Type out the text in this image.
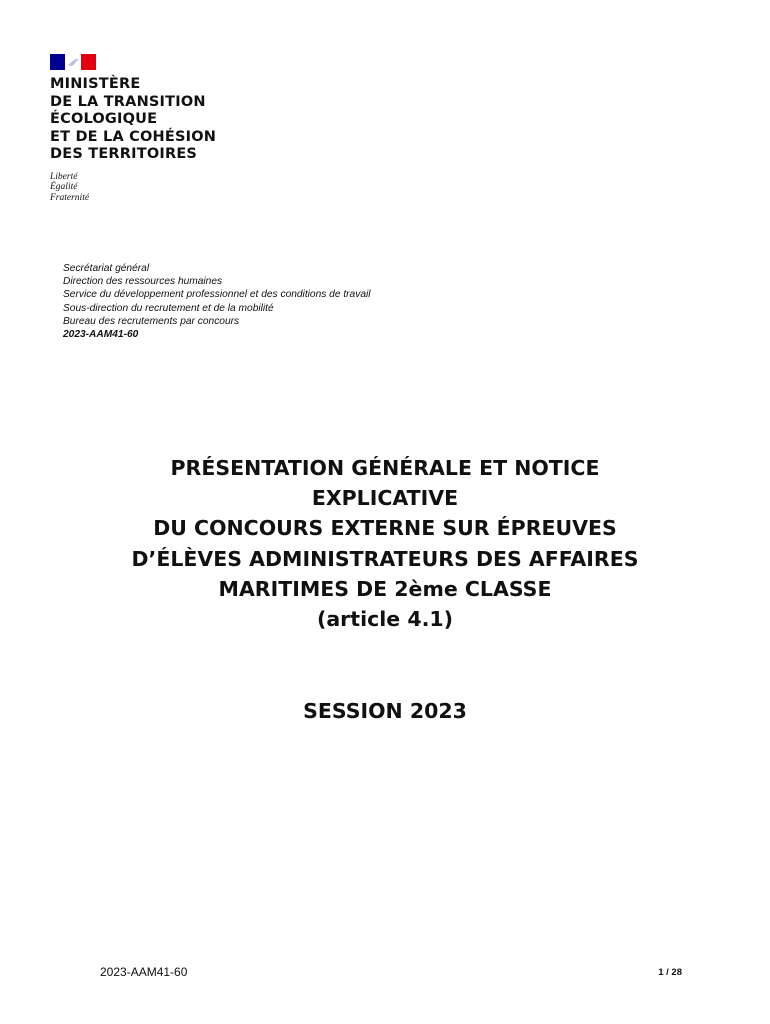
MINISTÈRE
DE LA TRANSITION
ÉCOLOGIQUE
ET DE LA COHÉSION
DES TERRITOIRES
Liberté
Égalité
Fraternité
Secrétariat général
Direction des ressources humaines
Service du développement professionnel et des conditions de travail
Sous-direction du recrutement et de la mobilité
Bureau des recrutements par concours
2023-AAM41-60
PRÉSENTATION GÉNÉRALE ET NOTICE
EXPLICATIVE
DU CONCOURS EXTERNE SUR ÉPREUVES
D’ÉLÈVES ADMINISTRATEURS DES AFFAIRES
MARITIMES DE 2ème CLASSE
(article 4.1)
SESSION 2023
2023-AAM41-60	1 / 28
